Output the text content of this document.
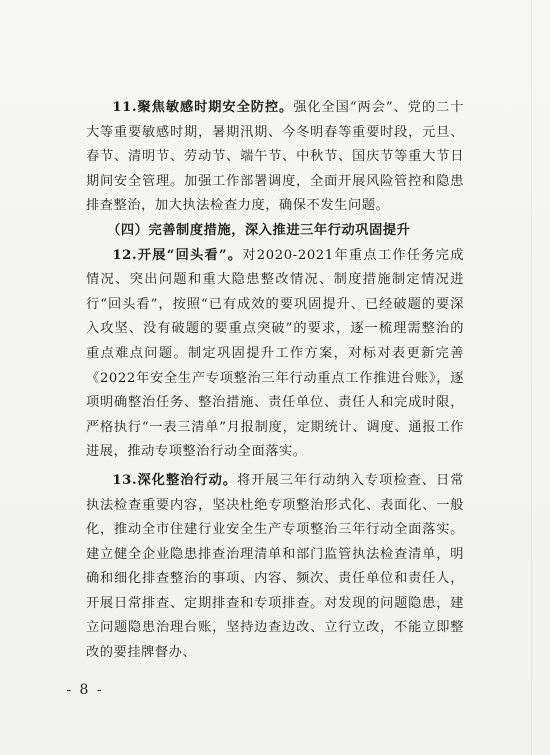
11.聚焦敏感时期安全防控。强化全国“两会”、党的二十大等重要敏感时期，暑期汛期、今冬明春等重要时段，元旦、春节、清明节、劳动节、端午节、中秋节、国庆节等重大节日期间安全管理。加强工作部署调度，全面开展风险管控和隐患排查整治，加大执法检查力度，确保不发生问题。

（四）完善制度措施，深入推进三年行动巩固提升

12.开展“回头看”。对2020-2021年重点工作任务完成情况、突出问题和重大隐患整改情况、制度措施制定情况进行“回头看”，按照“已有成效的要巩固提升、已经破题的要深入攻坚、没有破题的要重点突破”的要求，逐一梳理需整治的重点难点问题。制定巩固提升工作方案，对标对表更新完善《2022年安全生产专项整治三年行动重点工作推进台账》，逐项明确整治任务、整治措施、责任单位、责任人和完成时限，严格执行“一表三清单”月报制度，定期统计、调度、通报工作进展，推动专项整治行动全面落实。

13.深化整治行动。将开展三年行动纳入专项检查、日常执法检查重要内容，坚决杜绝专项整治形式化、表面化、一般化，推动全市住建行业安全生产专项整治三年行动全面落实。建立健全企业隐患排查治理清单和部门监管执法检查清单，明确和细化排查整治的事项、内容、频次、责任单位和责任人，开展日常排查、定期排查和专项排查。对发现的问题隐患，建立问题隐患治理台账，坚持边查边改、立行立改，不能立即整改的要挂牌督办、

- 8 -
